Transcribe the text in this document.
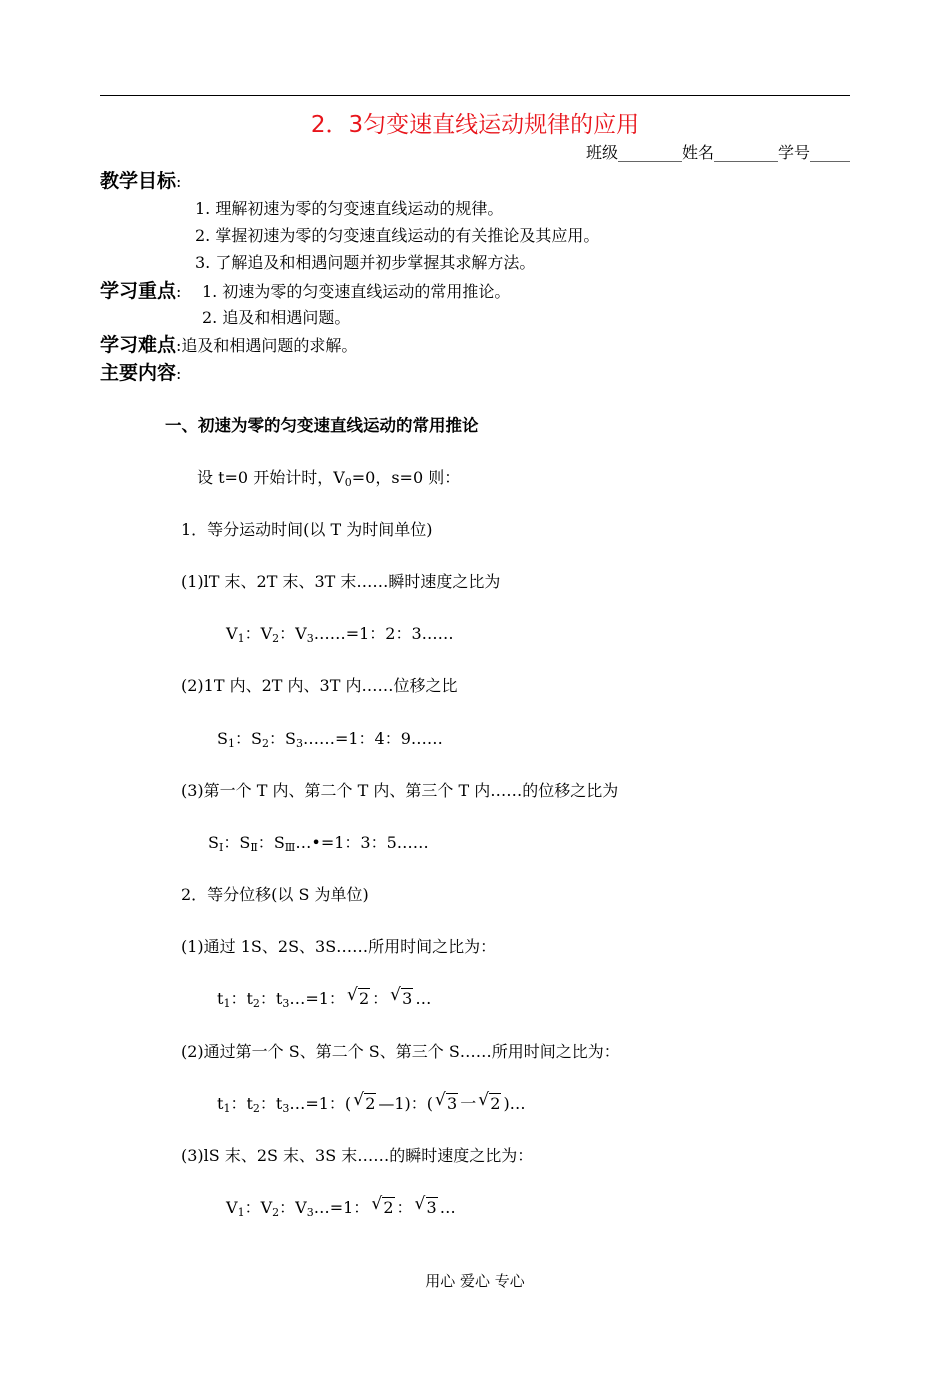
2．3匀变速直线运动规律的应用
班级________姓名________学号_____
教学目标:
1. 理解初速为零的匀变速直线运动的规律。
2. 掌握初速为零的匀变速直线运动的有关推论及其应用。
3. 了解追及和相遇问题并初步掌握其求解方法。
学习重点: 1. 初速为零的匀变速直线运动的常用推论。
2. 追及和相遇问题。
学习难点:追及和相遇问题的求解。
主要内容:
一、初速为零的匀变速直线运动的常用推论
设 t=0 开始计时，$V_0=0$，s=0 则：
1．等分运动时间(以 T 为时间单位)
(1)lT 末、2T 末、3T 末……瞬时速度之比为
$V_1$：$V_2$：$V_3\dots\dots=1$：2：3……
(2)1T 内、2T 内、3T 内……位移之比
$S_1$：$S_2$：$S_3\dots\dots=1$：4：9……
(3)第一个 T 内、第二个 T 内、第三个 T 内……的位移之比为
$S_Ⅰ$：$S_Ⅱ$：$S_Ⅲ\dots•=1$：3：5……
2．等分位移(以 S 为单位)
(1)通过 1S、2S、3S……所用时间之比为：
$t_1$：$t_2$：$t_3\dots=1$： √ 2 ： √ 3 …
(2)通过第一个 S、第二个 S、第三个 S……所用时间之比为：
$t_1$：$t_2$：$t_3\dots=1$：( √ 2 —1)：( √ 3 一 √ 2 )…
(3)lS 末、2S 末、3S 末……的瞬时速度之比为：
$V_1$：$V_2$：$V_3\dots=1$： √ 2 ： √ 3 …
用心 爱心 专心
